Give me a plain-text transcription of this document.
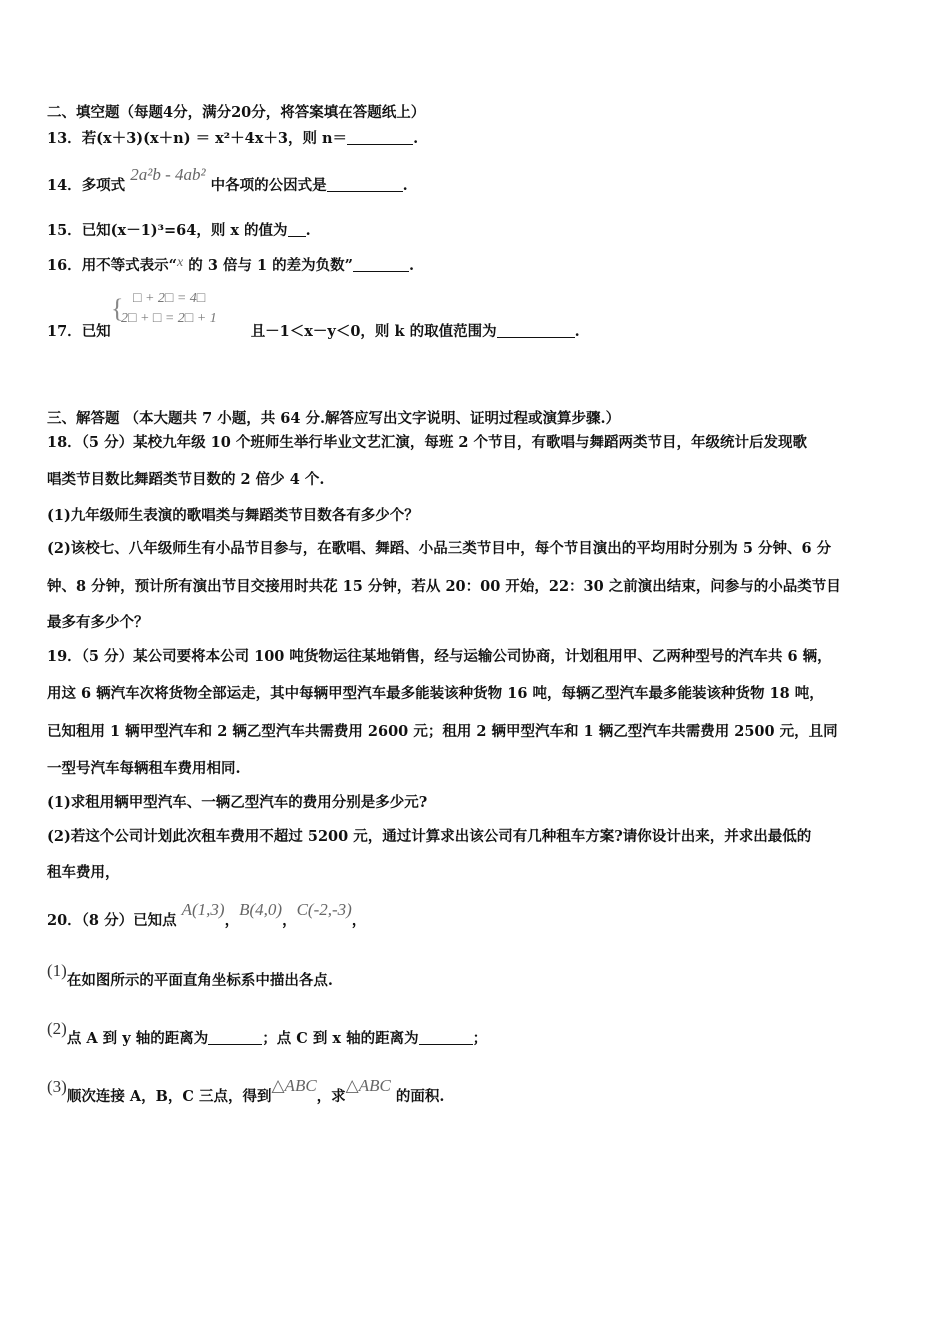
二、填空题（每题4分，满分20分，将答案填在答题纸上）
13．若(x＋3)(x＋n) ＝ x²＋4x＋3，则 n＝	.
14．多项式 2a²b - 4ab² 中各项的公因式是	.
15．已知(x－1)³=64，则 x 的值为 .
16．用不等式表示“x 的 3 倍与 1 的差为负数”	.
{ □ + 2□ = 4□
2□ + □ = 2□ + 1
17．已知	且－1＜x－y＜0，则 k 的取值范围为	.
三、解答题 （本大题共 7 小题，共 64 分.解答应写出文字说明、证明过程或演算步骤.）
18．（5 分）某校九年级 10 个班师生举行毕业文艺汇演，每班 2 个节目，有歌唱与舞蹈两类节目，年级统计后发现歌
唱类节目数比舞蹈类节目数的 2 倍少 4 个.
(1)九年级师生表演的歌唱类与舞蹈类节目数各有多少个？
(2)该校七、八年级师生有小品节目参与，在歌唱、舞蹈、小品三类节目中，每个节目演出的平均用时分别为 5 分钟、6 分
钟、8 分钟，预计所有演出节目交接用时共花 15 分钟，若从 20：00 开始，22：30 之前演出结束，问参与的小品类节目
最多有多少个？
19．（5 分）某公司要将本公司 100 吨货物运往某地销售，经与运输公司协商，计划租用甲、乙两种型号的汽车共 6 辆，
用这 6 辆汽车次将货物全部运走，其中每辆甲型汽车最多能装该种货物 16 吨，每辆乙型汽车最多能装该种货物 18 吨，
已知租用 1 辆甲型汽车和 2 辆乙型汽车共需费用 2600 元；租用 2 辆甲型汽车和 1 辆乙型汽车共需费用 2500 元，且同
一型号汽车每辆租车费用相同.
(1)求租用辆甲型汽车、一辆乙型汽车的费用分别是多少元?
(2)若这个公司计划此次租车费用不超过 5200 元，通过计算求出该公司有几种租车方案?请你设计出来，并求出最低的
租车费用，
20．（8 分）已知点 A(1,3)，B(4,0)，C(-2,-3)，
(1)在如图所示的平面直角坐标系中描出各点.
(2)点 A 到 y 轴的距离为	；点 C 到 x 轴的距离为	；
(3)顺次连接 A，B，C 三点，得到△ABC，求△ABC 的面积.
